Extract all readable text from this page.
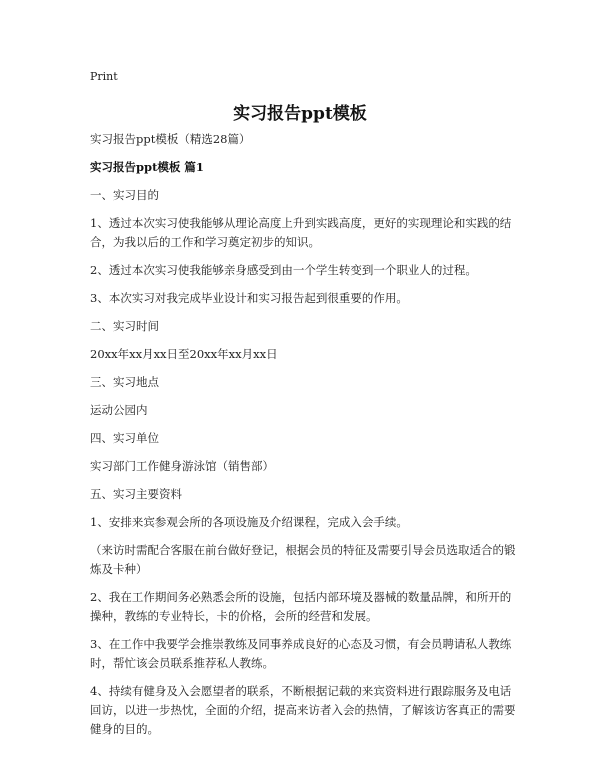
Print
实习报告ppt模板

实习报告ppt模板（精选28篇）

实习报告ppt模板 篇1

一、实习目的

1、透过本次实习使我能够从理论高度上升到实践高度，更好的实现理论和实践的结合，为我以后的工作和学习奠定初步的知识。

2、透过本次实习使我能够亲身感受到由一个学生转变到一个职业人的过程。

3、本次实习对我完成毕业设计和实习报告起到很重要的作用。

二、实习时间

20xx年xx月xx日至20xx年xx月xx日

三、实习地点

运动公园内

四、实习单位

实习部门工作健身游泳馆（销售部）

五、实习主要资料

1、安排来宾参观会所的各项设施及介绍课程，完成入会手续。

（来访时需配合客服在前台做好登记，根据会员的特征及需要引导会员选取适合的锻炼及卡种）

2、我在工作期间务必熟悉会所的设施，包括内部环境及器械的数量品牌，和所开的操种，教练的专业特长，卡的价格，会所的经营和发展。

3、在工作中我要学会推崇教练及同事养成良好的心态及习惯，有会员聘请私人教练时，帮忙该会员联系推荐私人教练。

4、持续有健身及入会愿望者的联系，不断根据记载的来宾资料进行跟踪服务及电话回访，以进一步热忱，全面的介绍，提高来访者入会的热情，了解该访客真正的需要健身的目的。
